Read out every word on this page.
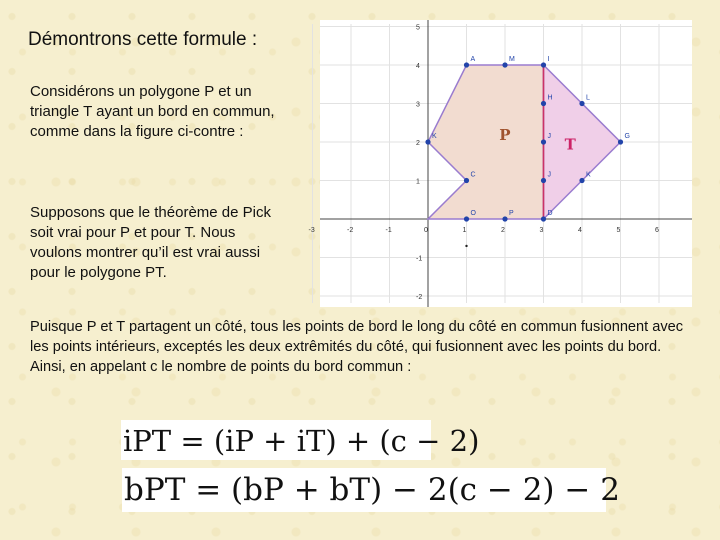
Démontrons cette formule :
Considérons un polygone P et un triangle T ayant un bord en commun, comme dans la figure ci-contre :
Supposons que le théorème de Pick soit vrai pour P et pour T. Nous voulons montrer qu’il est vrai aussi pour le polygone PT.
-3	-2	-1	0	1	2	3	4	5	6
5
4
3
2
1
-1
-2
A	M	I
H	L
G
J	K
C
D
O	P
J
K	P
T
Puisque P et T partagent un côté, tous les points de bord le long du côté en commun fusionnent avec les points intérieurs, exceptés les deux extrêmités du côté, qui fusionnent avec les points du bord. Ainsi, en appelant c le nombre de points du bord commun :
iPT = (iP + iT) + (c − 2)
bPT = (bP + bT) − 2(c − 2) − 2
